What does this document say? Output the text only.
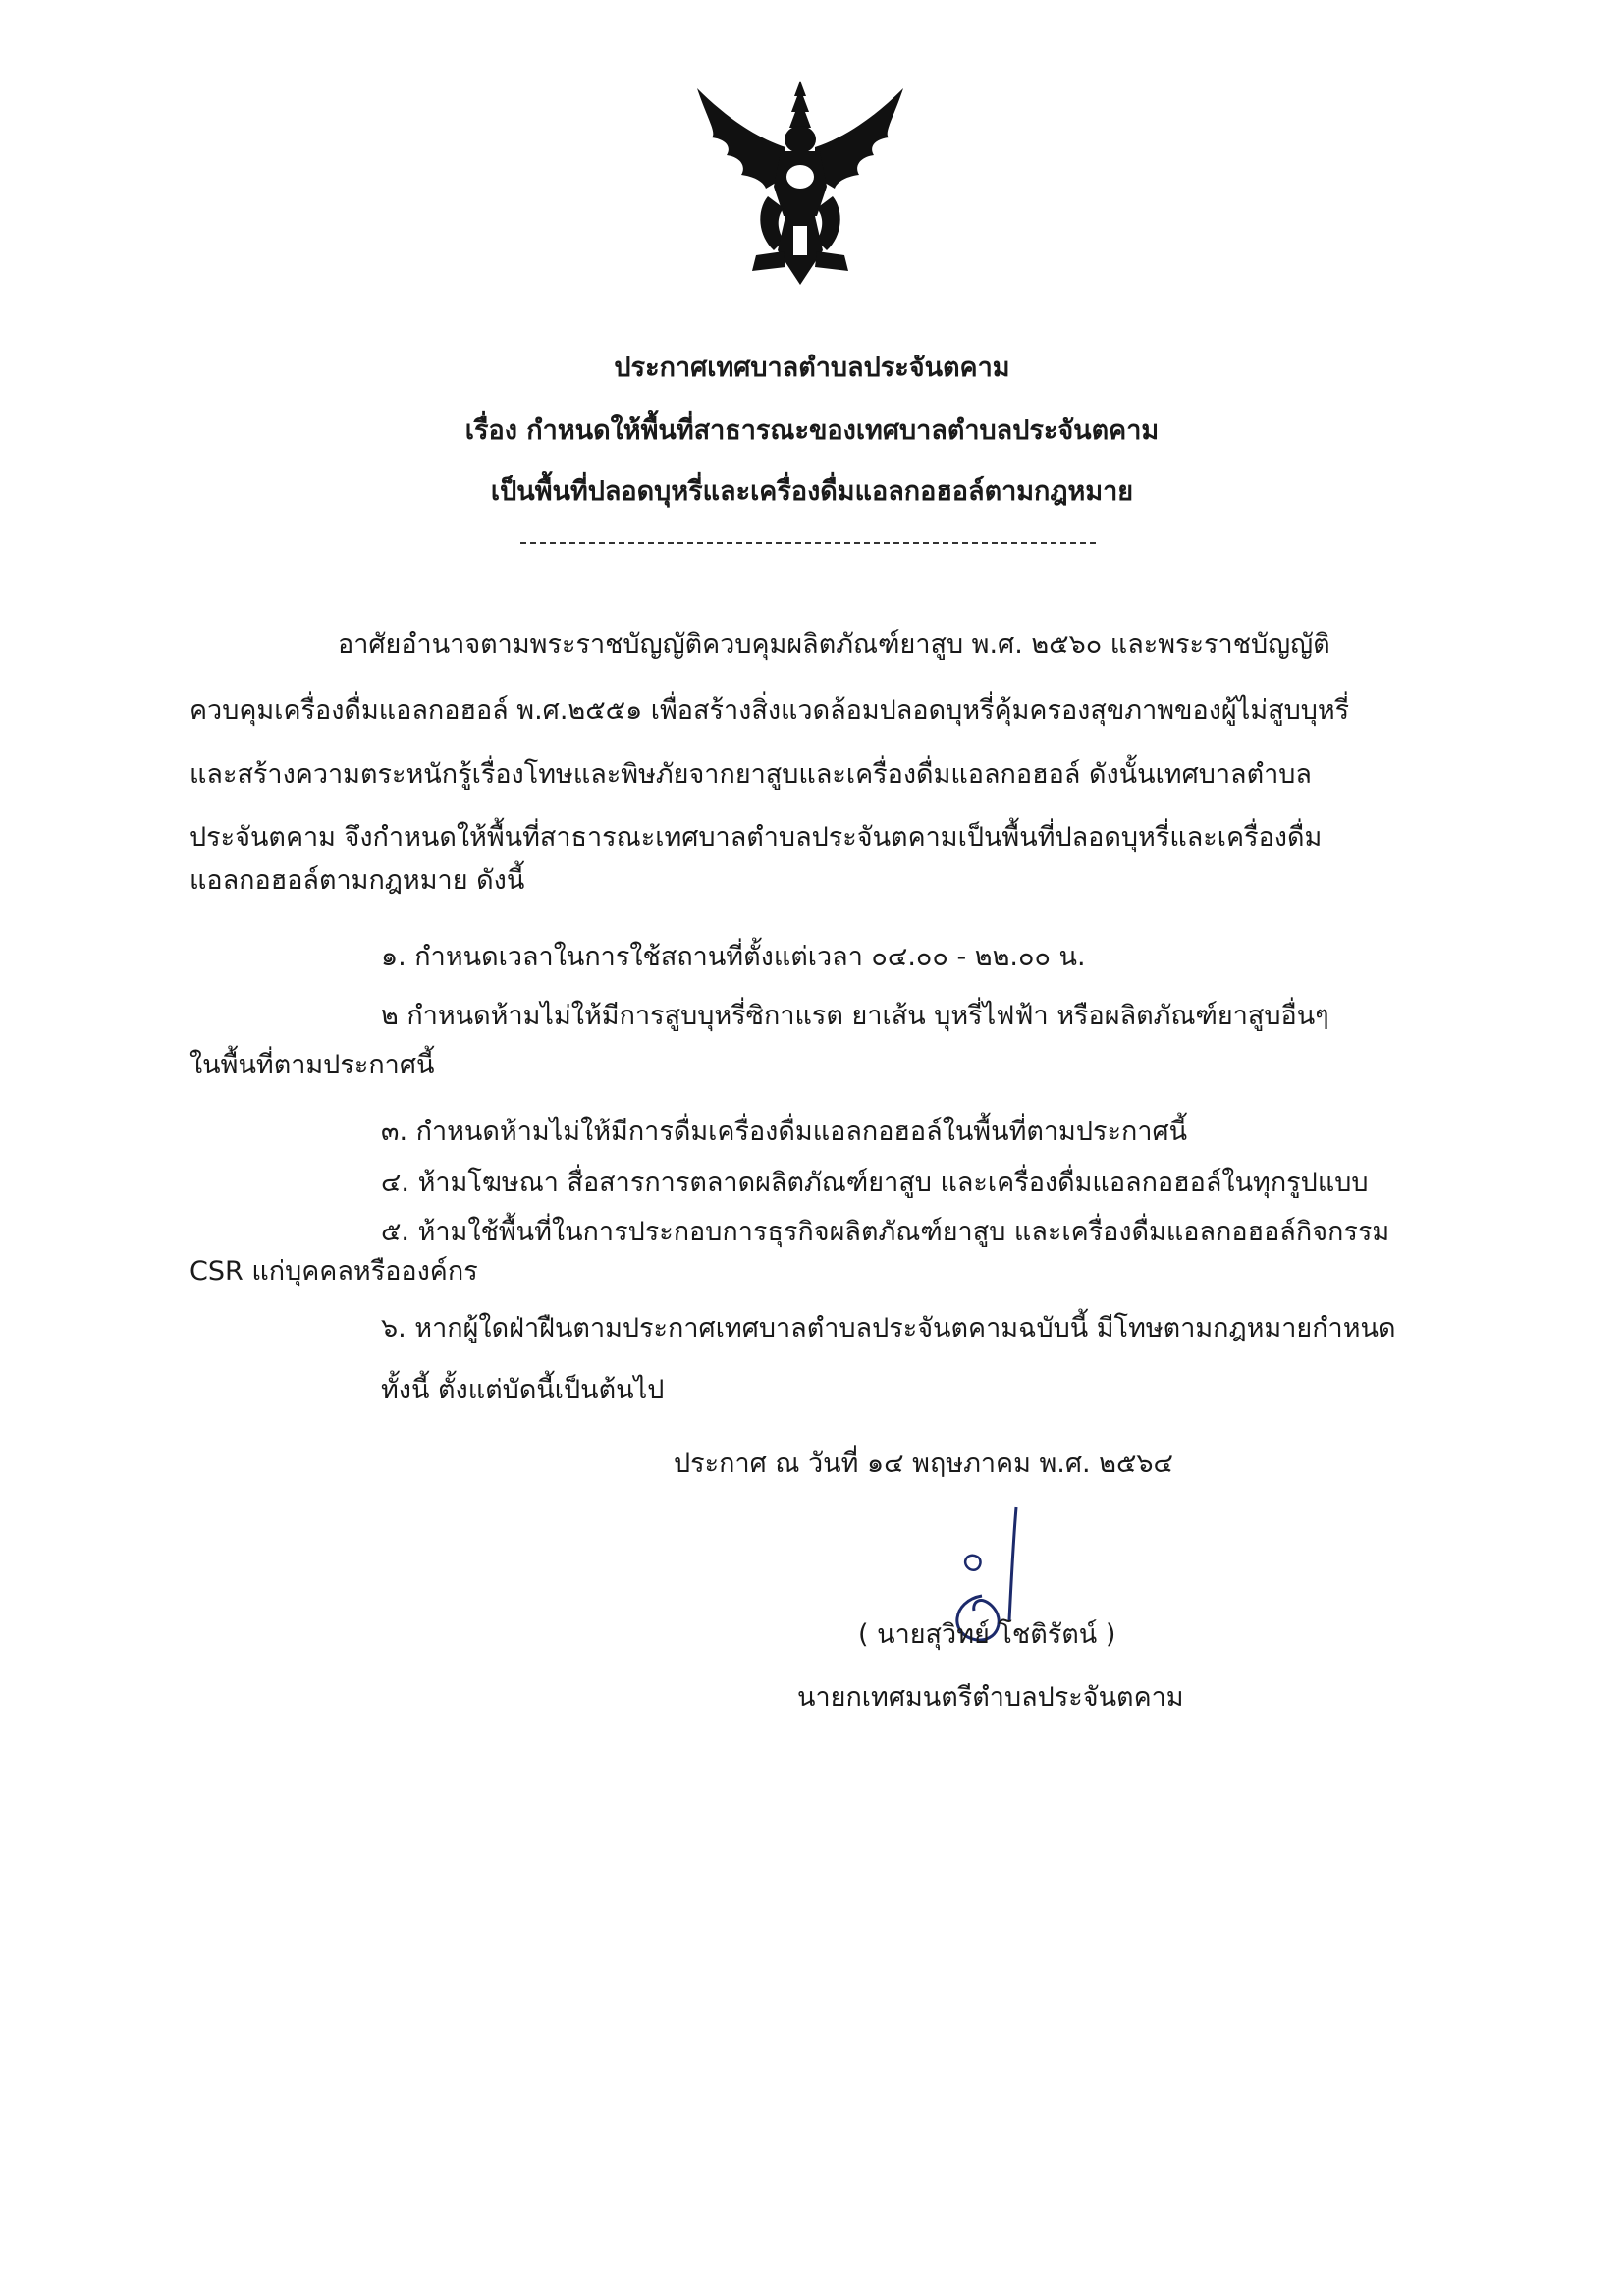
ประกาศเทศบาลตำบลประจันตคาม
เรื่อง กำหนดให้พื้นที่สาธารณะของเทศบาลตำบลประจันตคาม
เป็นพื้นที่ปลอดบุหรี่และเครื่องดื่มแอลกอฮอล์ตามกฎหมาย
อาศัยอำนาจตามพระราชบัญญัติควบคุมผลิตภัณฑ์ยาสูบ พ.ศ. ๒๕๖๐ และพระราชบัญญัติ
ควบคุมเครื่องดื่มแอลกอฮอล์ พ.ศ.๒๕๕๑ เพื่อสร้างสิ่งแวดล้อมปลอดบุหรี่คุ้มครองสุขภาพของผู้ไม่สูบบุหรี่
และสร้างความตระหนักรู้เรื่องโทษและพิษภัยจากยาสูบและเครื่องดื่มแอลกอฮอล์ ดังนั้นเทศบาลตำบล
ประจันตคาม จึงกำหนดให้พื้นที่สาธารณะเทศบาลตำบลประจันตคามเป็นพื้นที่ปลอดบุหรี่และเครื่องดื่ม
แอลกอฮอล์ตามกฎหมาย ดังนี้
๑. กำหนดเวลาในการใช้สถานที่ตั้งแต่เวลา ๐๔.๐๐ - ๒๒.๐๐ น.
๒ กำหนดห้ามไม่ให้มีการสูบบุหรี่ซิกาแรต ยาเส้น บุหรี่ไฟฟ้า หรือผลิตภัณฑ์ยาสูบอื่นๆ
ในพื้นที่ตามประกาศนี้
๓. กำหนดห้ามไม่ให้มีการดื่มเครื่องดื่มแอลกอฮอล์ในพื้นที่ตามประกาศนี้
๔. ห้ามโฆษณา สื่อสารการตลาดผลิตภัณฑ์ยาสูบ และเครื่องดื่มแอลกอฮอล์ในทุกรูปแบบ
๕. ห้ามใช้พื้นที่ในการประกอบการธุรกิจผลิตภัณฑ์ยาสูบ และเครื่องดื่มแอลกอฮอล์กิจกรรม
CSR แก่บุคคลหรือองค์กร
๖. หากผู้ใดฝ่าฝืนตามประกาศเทศบาลตำบลประจันตคามฉบับนี้ มีโทษตามกฎหมายกำหนด
ทั้งนี้ ตั้งแต่บัดนี้เป็นต้นไป
ประกาศ ณ วันที่ ๑๔ พฤษภาคม พ.ศ. ๒๕๖๔
( นายสุวิทย์ โชติรัตน์ )
นายกเทศมนตรีตำบลประจันตคาม
